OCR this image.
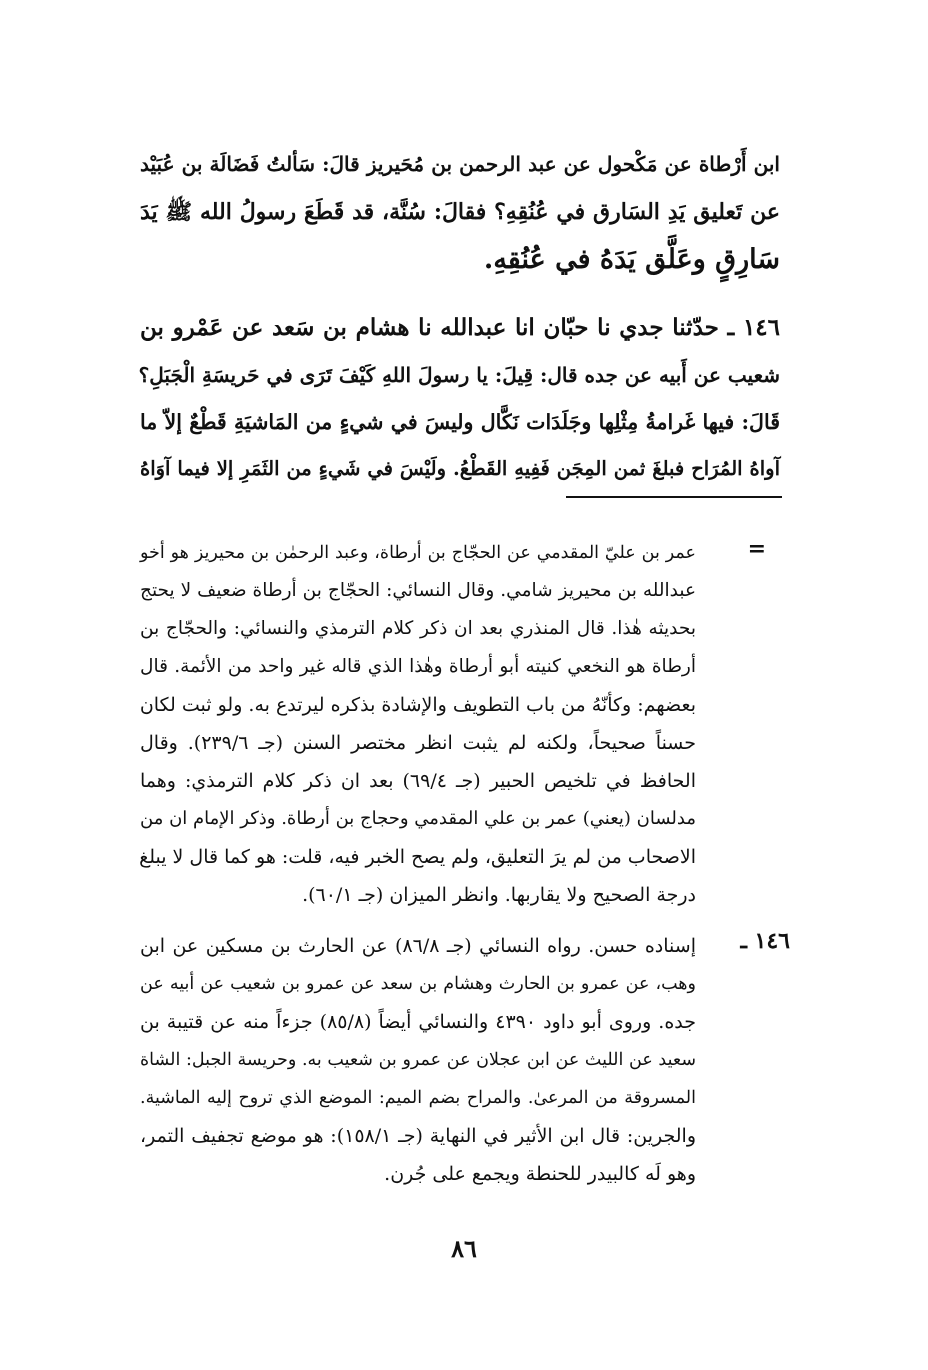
ابن أَرْطاة عن مَكْحول عن عبد الرحمن بن مُحَيريز قالَ: سَألتُ فَضَالَة بن عُبَيْد
عن تَعليق يَدِ السَارق في عُنُقِهِ؟ فقالَ: سُنَّة، قد قَطَعَ رسولُ الله ﷺ يَدَ
سَارِقٍ وعَلَّق يَدَهُ في عُنُقِهِ.
١٤٦ ـ حدّثنا جدي نا حبّان انا عبدالله نا هشام بن سَعد عن عَمْرو بن
شعيب عن أَبيه عن جده قال: قِيلَ: يا رسولَ اللهِ كَيْفَ تَرَى في حَريسَةِ الْجَبَلِ؟
قَالَ: فيها غَرامةُ مِثْلِها وجَلَدَات نَكَّال وليسَ في شيءٍ من المَاشيَةِ قَطْعٌ إلاّ ما
آواهُ المُرَاح فبلغَ ثمن المِجَن فَفِيهِ القَطْعُ. ولَيْسَ في شَيءٍ من الثَمَرِ إلا فيما آوَاهُ
=
عمر بن عليّ المقدمي عن الحجّاج بن أرطاة، وعبد الرحمٰن بن محيريز هو أخو
عبدالله بن محيريز شامي. وقال النسائي: الحجّاج بن أرطاة ضعيف لا يحتج
بحديثه هٰذا. قال المنذري بعد ان ذكر كلام الترمذي والنسائي: والحجّاج بن
أرطاة هو النخعي كنيته أبو أرطاة وهٰذا الذي قاله غير واحد من الأئمة. قال
بعضهم: وكأنّهُ من باب التطويف والإشادة بذكره ليرتدع به. ولو ثبت لكان
حسناً صحيحاً، ولكنه لم يثبت انظر مختصر السنن (جـ ٢٣٩/٦). وقال
الحافظ في تلخيص الحبير (جـ ٦٩/٤) بعد ان ذكر كلام الترمذي: وهما
مدلسان (يعني) عمر بن علي المقدمي وحجاج بن أرطاة. وذكر الإمام ان من
الاصحاب من لم يرَ التعليق، ولم يصح الخبر فيه، قلت: هو كما قال لا يبلغ
درجة الصحيح ولا يقاربها. وانظر الميزان (جـ ٦٠/١).
١٤٦ ـ
إسناده حسن. رواه النسائي (جـ ٨٦/٨) عن الحارث بن مسكين عن ابن
وهب، عن عمرو بن الحارث وهشام بن سعد عن عمرو بن شعيب عن أبيه عن
جده. وروى أبو داود ٤٣٩٠ والنسائي أيضاً (٨٥/٨) جزءاً منه عن قتيبة بن
سعيد عن الليث عن ابن عجلان عن عمرو بن شعيب به. وحريسة الجبل: الشاة
المسروقة من المرعىٰ. والمراح بضم الميم: الموضع الذي تروح إليه الماشية.
والجرين: قال ابن الأثير في النهاية (جـ ١٥٨/١): هو موضع تجفيف التمر،
وهو لَه كالبيدر للحنطة ويجمع على جُرن.
٨٦
